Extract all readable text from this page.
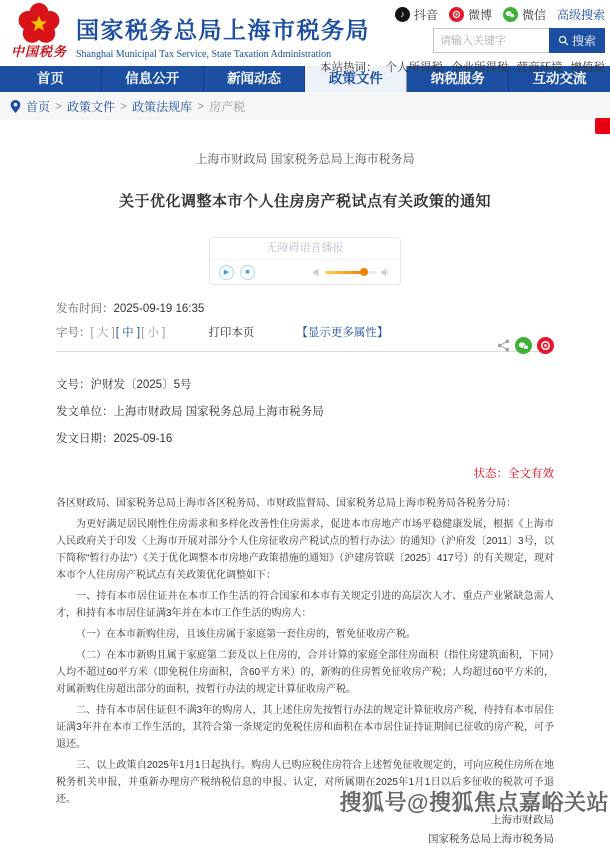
中国税务
国家税务总局上海市税务局
Shanghai Municipal Tax Service, State Taxation Administration
♪ 抖音	微博	微信 高级搜索
请输入关键字
搜索
本站热词： 个人所得税 企业所得税 营商环境 增值税
首页	信息公开	新闻动态	政策文件	纳税服务	互动交流
首页 > 政策文件 > 政策法规库 > 房产税
上海市财政局 国家税务总局上海市税务局
关于优化调整本市个人住房房产税试点有关政策的通知
无障碍语音播报
▶	■
发布时间：2025-09-19 16:35
字号： [ 大 ] [ 中 ] [ 小 ]	打印本页	【显示更多属性】
文号：沪财发〔2025〕5号
发文单位：上海市财政局 国家税务总局上海市税务局
发文日期：2025-09-16
状态：全文有效

各区财政局、国家税务总局上海市各区税务局、市财政监督局、国家税务总局上海市税务局各税务分局：

为更好满足居民刚性住房需求和多样化改善性住房需求，促进本市房地产市场平稳健康发展，根据《上海市人民政府关于印发〈上海市开展对部分个人住房征收房产税试点的暂行办法〉的通知》（沪府发〔2011〕3号，以下简称“暂行办法”）《关于优化调整本市房地产政策措施的通知》（沪建房管联〔2025〕417号）的有关规定，现对本市个人住房房产税试点有关政策优化调整如下：

一、持有本市居住证并在本市工作生活的符合国家和本市有关规定引进的高层次人才、重点产业紧缺急需人才，和持有本市居住证满3年并在本市工作生活的购房人：

（一）在本市新购住房，且该住房属于家庭第一套住房的，暂免征收房产税。

（二）在本市新购且属于家庭第二套及以上住房的，合并计算的家庭全部住房面积（指住房建筑面积，下同）人均不超过60平方米（即免税住房面积，含60平方米）的，新购的住房暂免征收房产税；人均超过60平方米的，对属新购住房超出部分的面积，按暂行办法的规定计算征收房产税。

二、持有本市居住证但不满3年的购房人，其上述住房先按暂行办法的规定计算征收房产税，待持有本市居住证满3年并在本市工作生活的，其符合第一条规定的免税住房和面积在本市居住证持证期间已征收的房产税，可予退还。

三、以上政策自2025年1月1日起执行。购房人已购应税住房符合上述暂免征收规定的，可向应税住房所在地税务机关申报，并重新办理房产税纳税信息的申报、认定，对所属期在2025年1月1日以后多征收的税款可予退还。

上海市财政局
国家税务总局上海市税务局
搜狐号@搜狐焦点嘉峪关站
